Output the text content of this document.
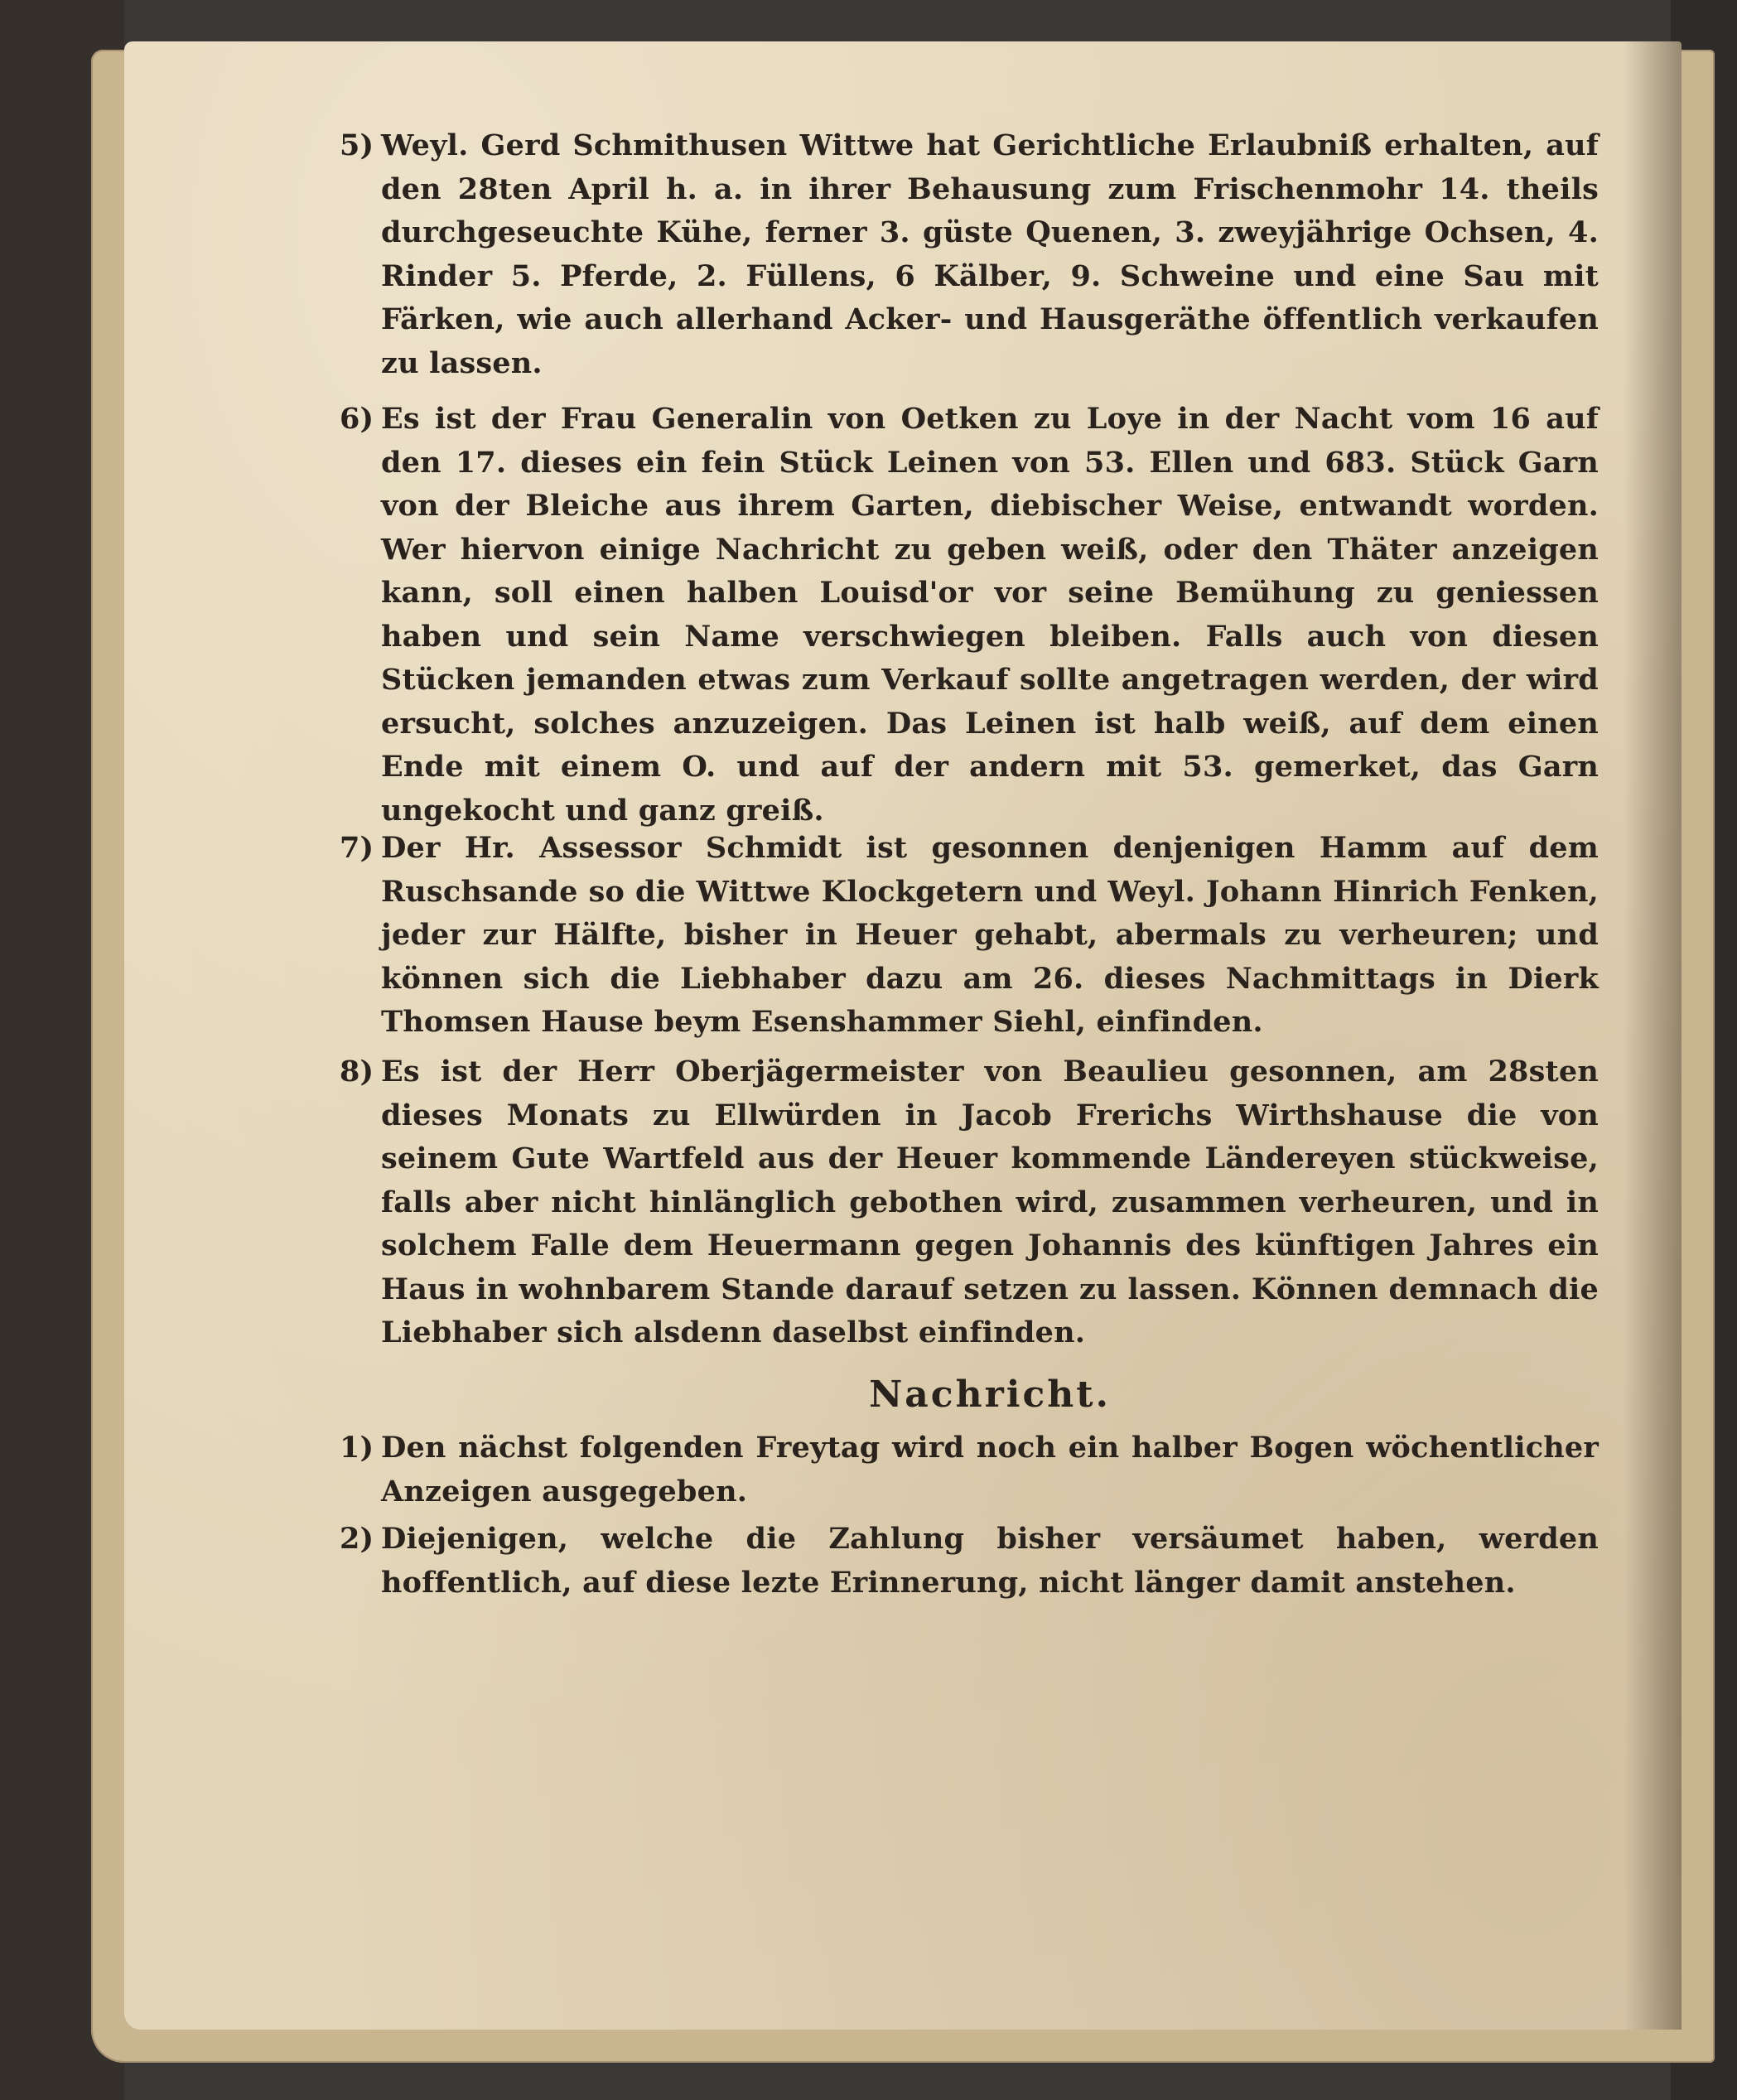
5) Weyl. Gerd Schmithusen Wittwe hat Gerichtliche Erlaubniß erhalten, auf den 28ten April h. a. in ihrer Behausung zum Frischenmohr 14. theils durchgeseuchte Kühe, ferner 3. güste Quenen, 3. zweyjährige Ochsen, 4. Rinder 5. Pferde, 2. Füllens, 6 Kälber, 9. Schweine und eine Sau mit Färken, wie auch allerhand Acker- und Hausgeräthe öffentlich verkaufen zu lassen.
6) Es ist der Frau Generalin von Oetken zu Loye in der Nacht vom 16 auf den 17. dieses ein fein Stück Leinen von 53. Ellen und 683. Stück Garn von der Bleiche aus ihrem Garten, diebischer Weise, entwandt worden. Wer hiervon einige Nachricht zu geben weiß, oder den Thäter anzeigen kann, soll einen halben Louisd'or vor seine Bemühung zu geniessen haben und sein Name verschwiegen bleiben. Falls auch von diesen Stücken jemanden etwas zum Verkauf sollte angetragen werden, der wird ersucht, solches anzuzeigen. Das Leinen ist halb weiß, auf dem einen Ende mit einem O. und auf der andern mit 53. gemerket, das Garn ungekocht und ganz greiß.
7) Der Hr. Assessor Schmidt ist gesonnen denjenigen Hamm auf dem Ruschsande so die Wittwe Klockgetern und Weyl. Johann Hinrich Fenken, jeder zur Hälfte, bisher in Heuer gehabt, abermals zu verheuren; und können sich die Liebhaber dazu am 26. dieses Nachmittags in Dierk Thomsen Hause beym Esenshammer Siehl, einfinden.
8) Es ist der Herr Oberjägermeister von Beaulieu gesonnen, am 28sten dieses Monats zu Ellwürden in Jacob Frerichs Wirthshause die von seinem Gute Wartfeld aus der Heuer kommende Ländereyen stückweise, falls aber nicht hinlänglich gebothen wird, zusammen verheuren, und in solchem Falle dem Heuermann gegen Johannis des künftigen Jahres ein Haus in wohnbarem Stande darauf setzen zu lassen. Können demnach die Liebhaber sich alsdenn daselbst einfinden.
Nachricht.
1) Den nächst folgenden Freytag wird noch ein halber Bogen wöchentlicher Anzeigen ausgegeben.
2) Diejenigen, welche die Zahlung bisher versäumet haben, werden hoffentlich, auf diese lezte Erinnerung, nicht länger damit anstehen.
